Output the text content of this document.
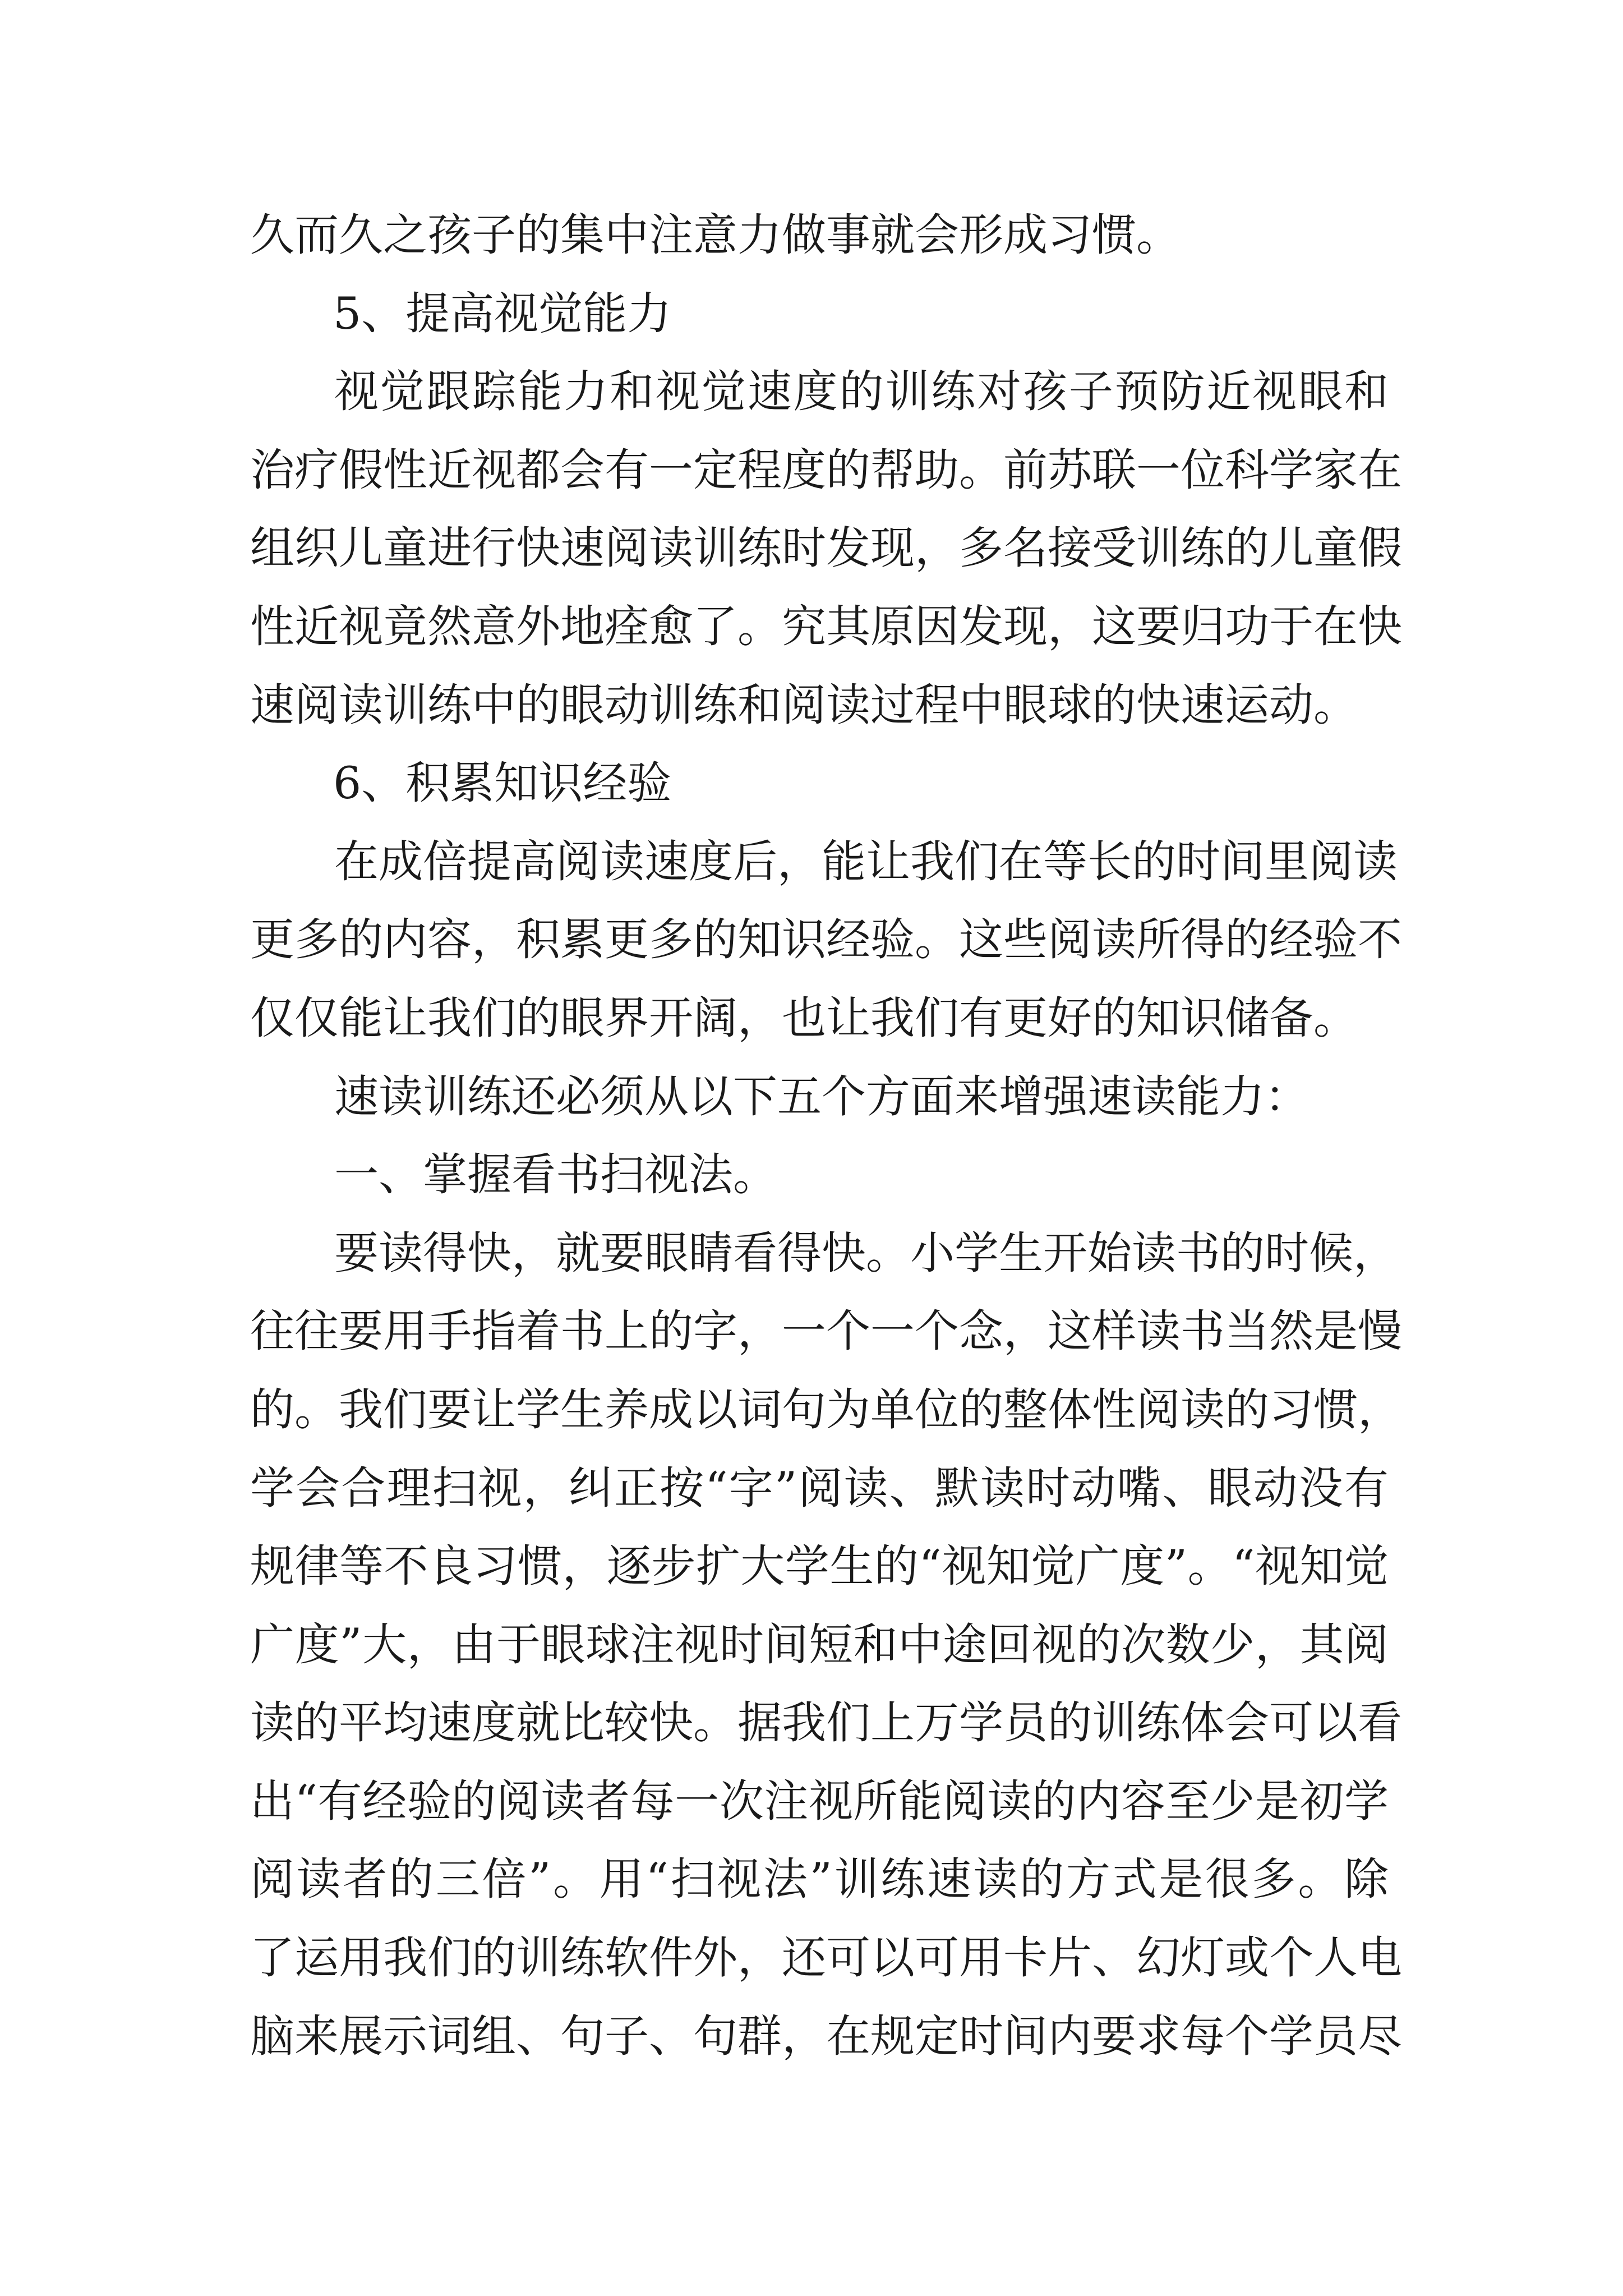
久而久之孩子的集中注意力做事就会形成习惯。
5、提高视觉能力
视觉跟踪能力和视觉速度的训练对孩子预防近视眼和
治疗假性近视都会有一定程度的帮助。前苏联一位科学家在
组织儿童进行快速阅读训练时发现，多名接受训练的儿童假
性近视竟然意外地痊愈了。究其原因发现，这要归功于在快
速阅读训练中的眼动训练和阅读过程中眼球的快速运动。
6、积累知识经验
在成倍提高阅读速度后，能让我们在等长的时间里阅读
更多的内容，积累更多的知识经验。这些阅读所得的经验不
仅仅能让我们的眼界开阔，也让我们有更好的知识储备。
速读训练还必须从以下五个方面来增强速读能力：
一、掌握看书扫视法。
要读得快，就要眼睛看得快。小学生开始读书的时候，
往往要用手指着书上的字，一个一个念，这样读书当然是慢
的。我们要让学生养成以词句为单位的整体性阅读的习惯，
学会合理扫视，纠正按“字”阅读、默读时动嘴、眼动没有
规律等不良习惯，逐步扩大学生的“视知觉广度”。“视知觉
广度”大，由于眼球注视时间短和中途回视的次数少，其阅
读的平均速度就比较快。据我们上万学员的训练体会可以看
出“有经验的阅读者每一次注视所能阅读的内容至少是初学
阅读者的三倍”。用“扫视法”训练速读的方式是很多。除
了运用我们的训练软件外，还可以可用卡片、幻灯或个人电
脑来展示词组、句子、句群，在规定时间内要求每个学员尽
